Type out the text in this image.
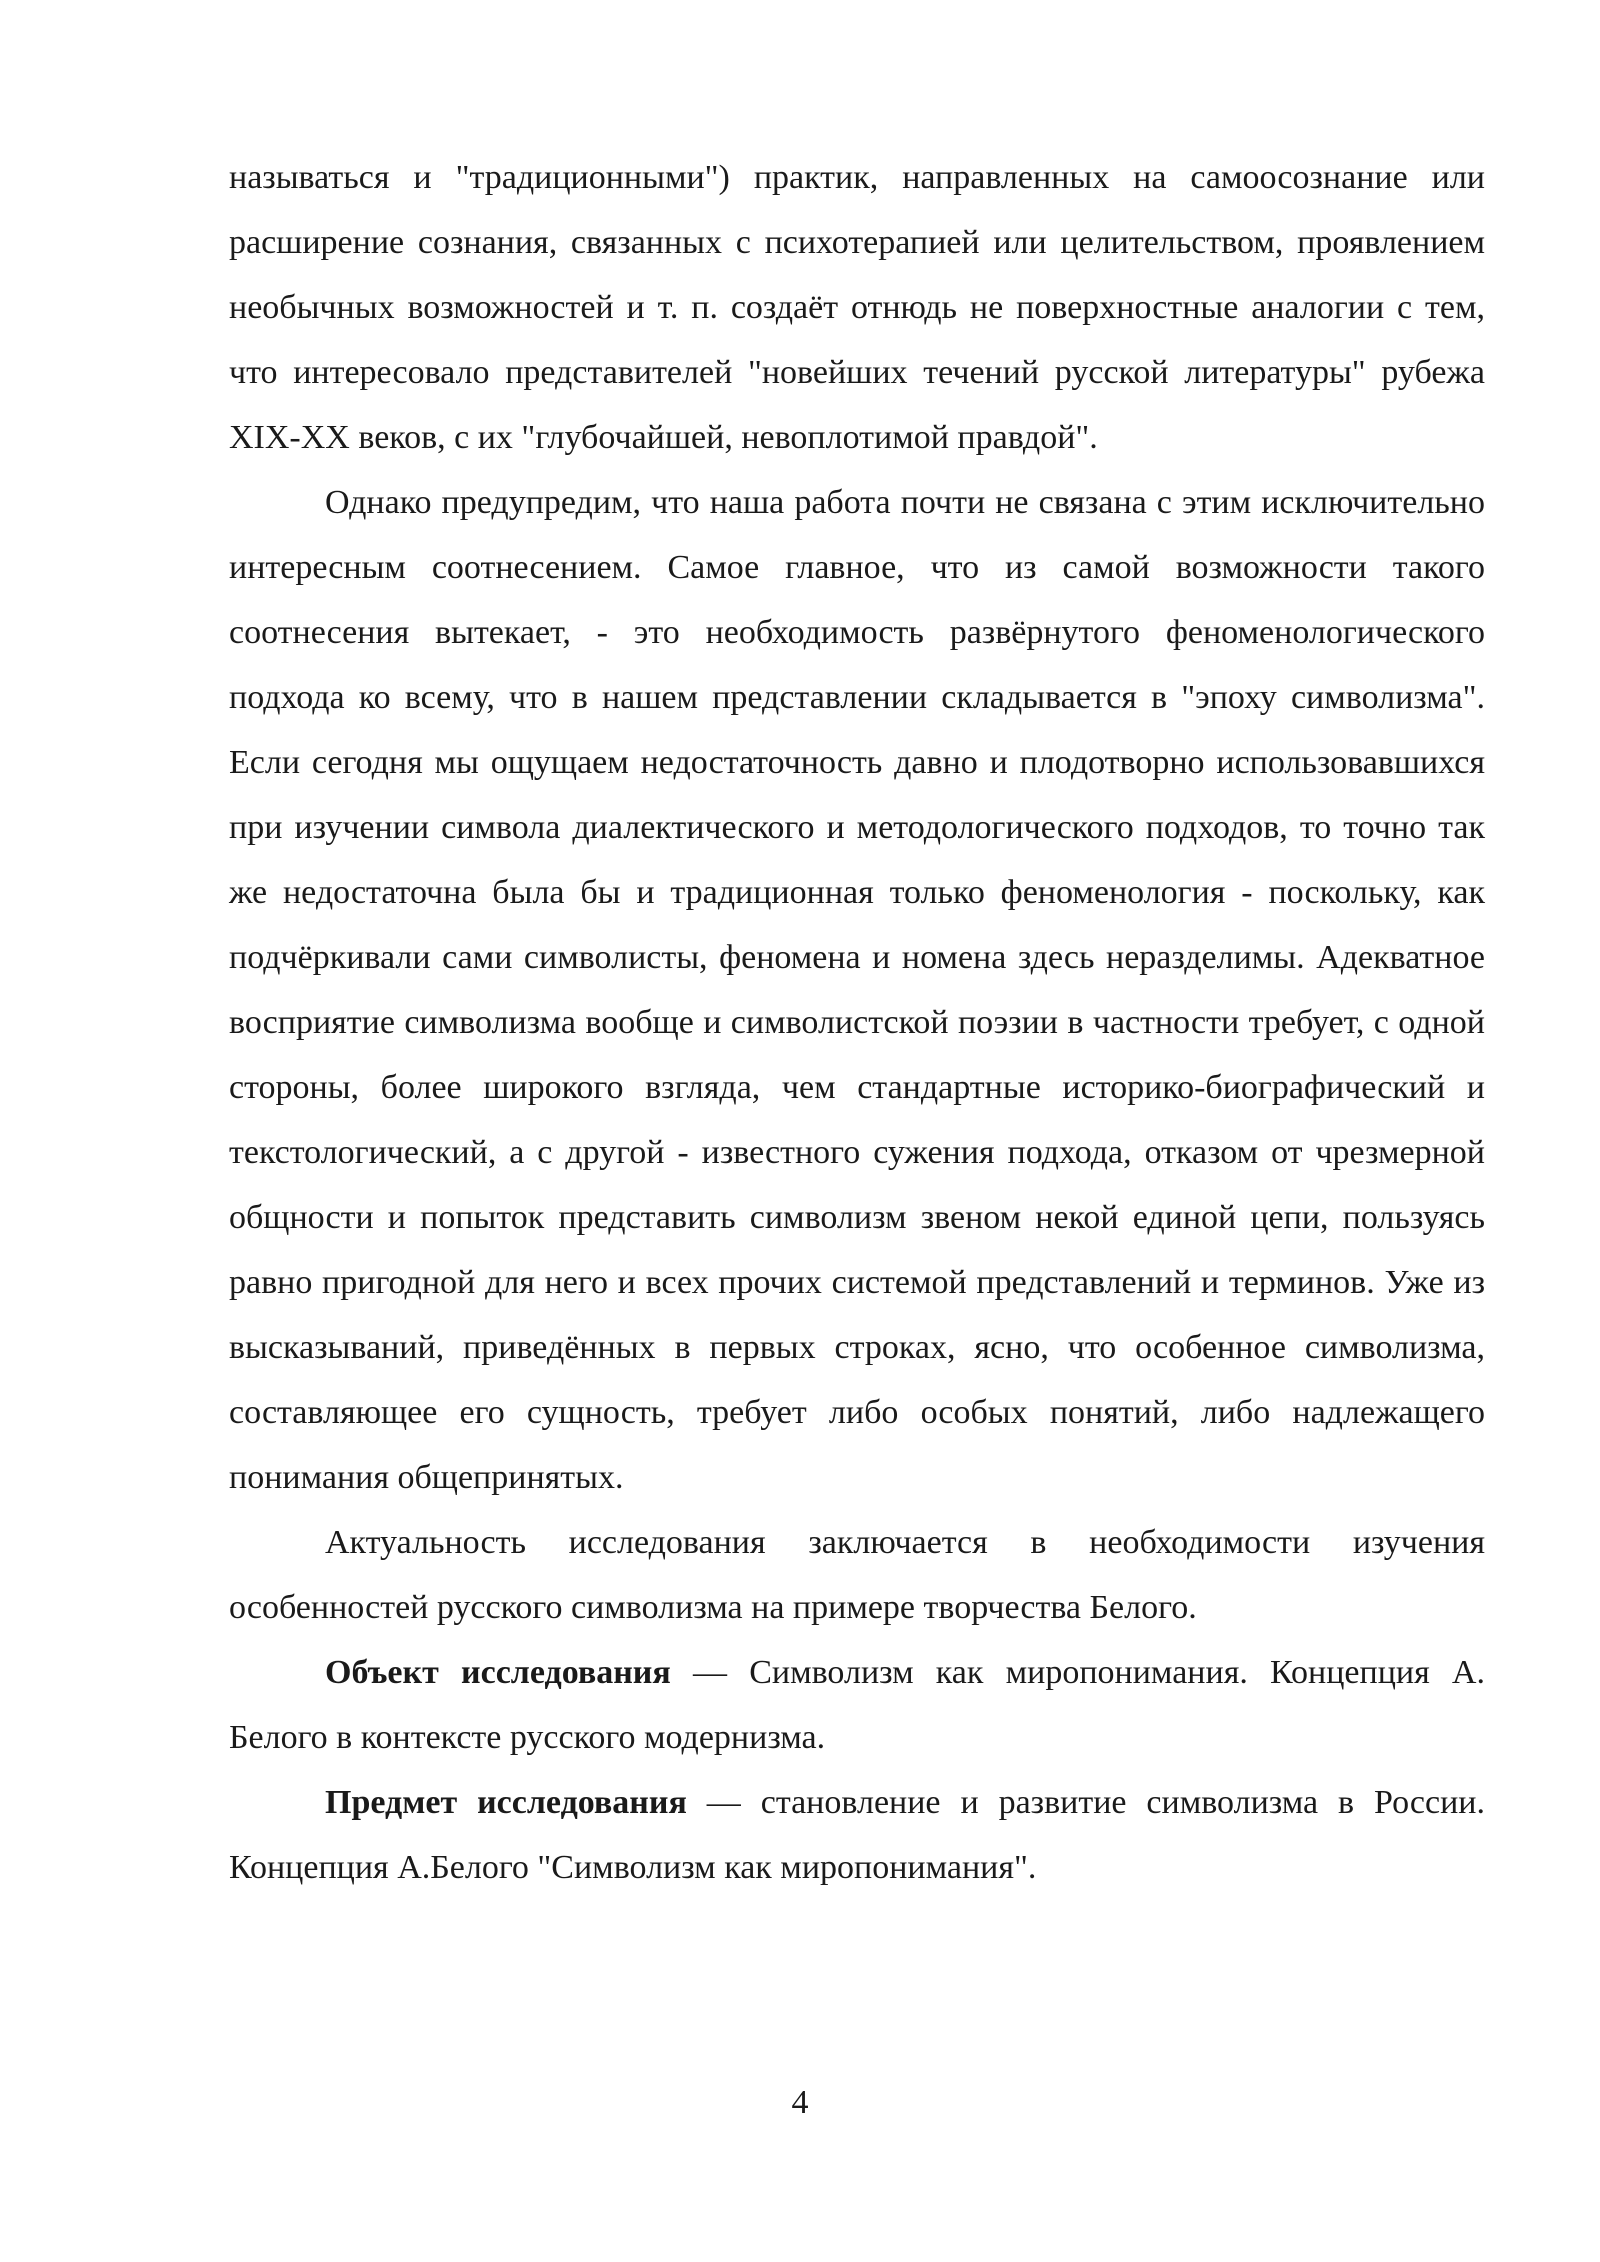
называться и "традиционными") практик, направленных на самоосознание или расширение сознания, связанных с психотерапией или целительством, проявлением необычных возможностей и т. п. создаёт отнюдь не поверхностные аналогии с тем, что интересовало представителей "новейших течений русской литературы" рубежа XIX-XX веков, с их "глубочайшей, невоплотимой правдой".

Однако предупредим, что наша работа почти не связана с этим исключительно интересным соотнесением. Самое главное, что из самой возможности такого соотнесения вытекает, - это необходимость развёрнутого феноменологического подхода ко всему, что в нашем представлении складывается в "эпоху символизма". Если сегодня мы ощущаем недостаточность давно и плодотворно использовавшихся при изучении символа диалектического и методологического подходов, то точно так же недостаточна была бы и традиционная только феноменология - поскольку, как подчёркивали сами символисты, феномена и номена здесь неразделимы. Адекватное восприятие символизма вообще и символистской поэзии в частности требует, с одной стороны, более широкого взгляда, чем стандартные историко-биографический и текстологический, а с другой - известного сужения подхода, отказом от чрезмерной общности и попыток представить символизм звеном некой единой цепи, пользуясь равно пригодной для него и всех прочих системой представлений и терминов. Уже из высказываний, приведённых в первых строках, ясно, что особенное символизма, составляющее его сущность, требует либо особых понятий, либо надлежащего понимания общепринятых.

Актуальность исследования заключается в необходимости изучения особенностей русского символизма на примере творчества Белого.

Объект исследования — Символизм как миропонимания. Концепция А. Белого в контексте русского модернизма.

Предмет исследования — становление и развитие символизма в России. Концепция А.Белого "Символизм как миропонимания".

4
